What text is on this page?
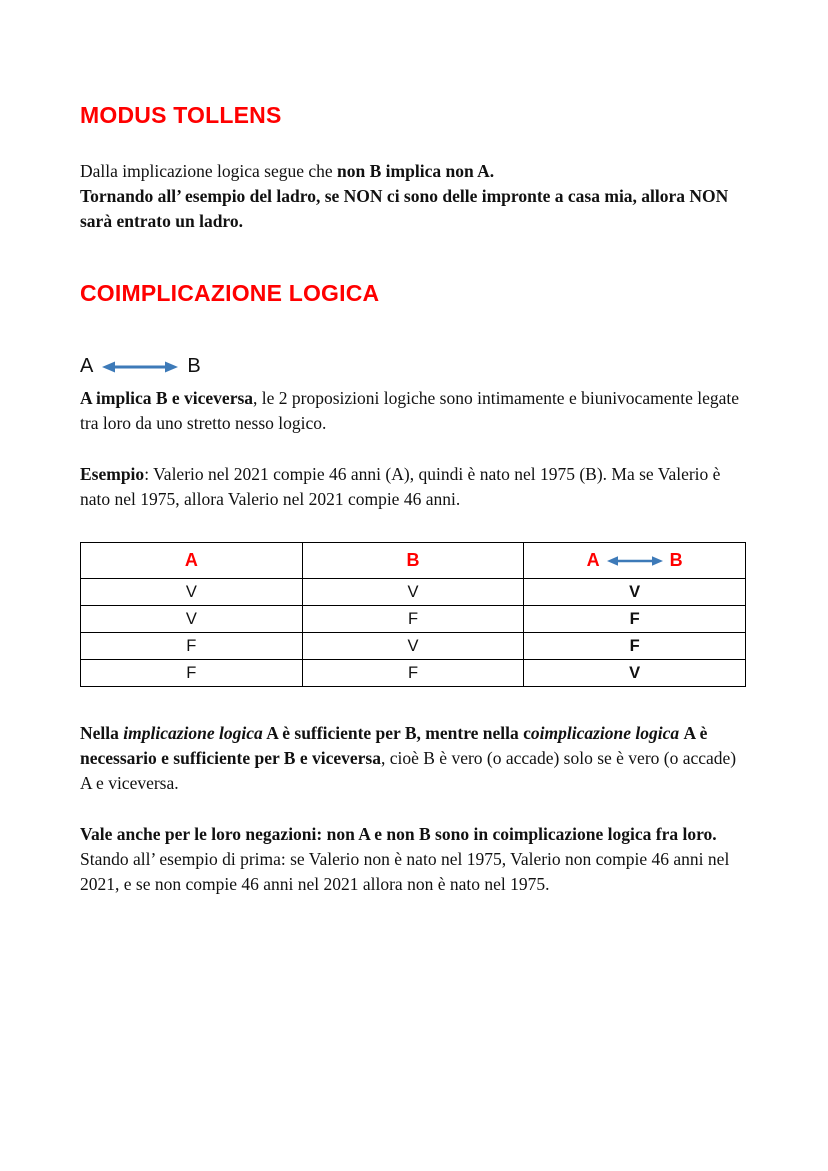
MODUS TOLLENS

Dalla implicazione logica segue che non B implica non A.
Tornando all’ esempio del ladro, se NON ci sono delle impronte a casa mia, allora NON sarà entrato un ladro.

COIMPLICAZIONE LOGICA
A	B

A implica B e viceversa, le 2 proposizioni logiche sono intimamente e biunivocamente legate tra loro da uno stretto nesso logico.

Esempio: Valerio nel 2021 compie 46 anni (A), quindi è nato nel 1975 (B). Ma se Valerio è nato nel 1975, allora Valerio nel 2021 compie 46 anni.

A	B	A B

V	V	V
V	F	F
F	V	F
F	F	V

Nella implicazione logica A è sufficiente per B, mentre nella coimplicazione logica A è necessario e sufficiente per B e viceversa, cioè B è vero (o accade) solo se è vero (o accade) A e viceversa.

Vale anche per le loro negazioni: non A e non B sono in coimplicazione logica fra loro. Stando all’ esempio di prima: se Valerio non è nato nel 1975, Valerio non compie 46 anni nel 2021, e se non compie 46 anni nel 2021 allora non è nato nel 1975.
